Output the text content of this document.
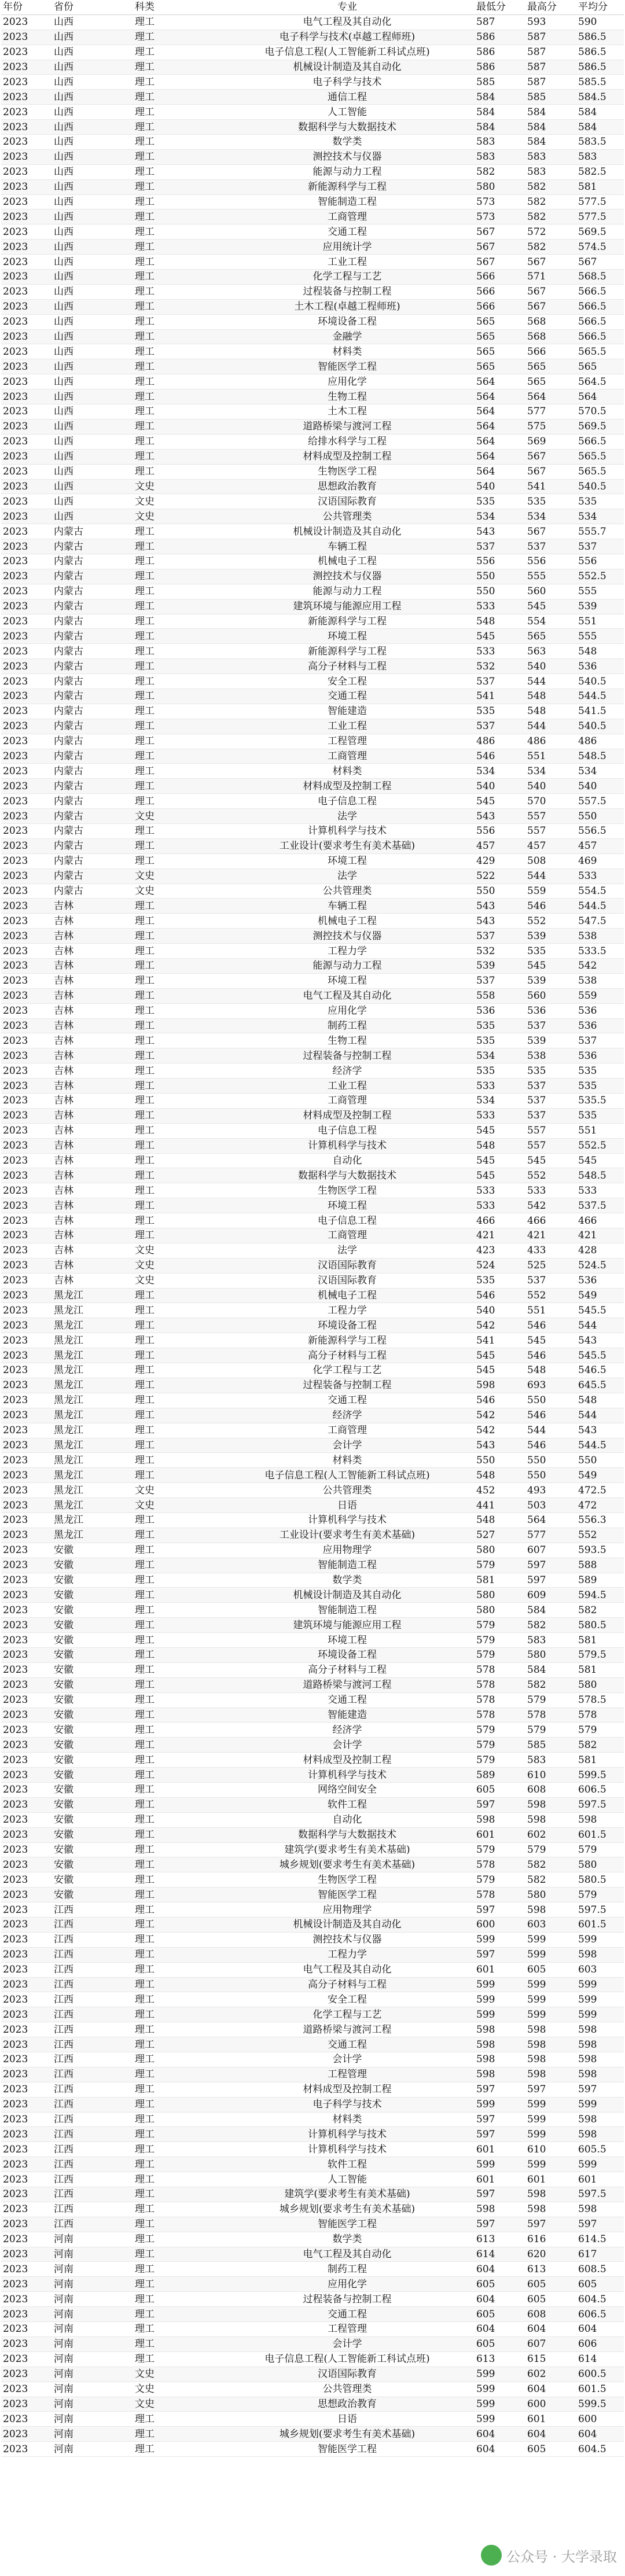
年份	省份	科类	专业	最低分	最高分	平均分
2023	山西	理工	电气工程及其自动化	587	593	590
2023	山西	理工	电子科学与技术(卓越工程师班)	586	587	586.5
2023	山西	理工	电子信息工程(人工智能新工科试点班)	586	587	586.5
2023	山西	理工	机械设计制造及其自动化	586	587	586.5
2023	山西	理工	电子科学与技术	585	587	585.5
2023	山西	理工	通信工程	584	585	584.5
2023	山西	理工	人工智能	584	584	584
2023	山西	理工	数据科学与大数据技术	584	584	584
2023	山西	理工	数学类	583	584	583.5
2023	山西	理工	测控技术与仪器	583	583	583
2023	山西	理工	能源与动力工程	582	583	582.5
2023	山西	理工	新能源科学与工程	580	582	581
2023	山西	理工	智能制造工程	573	582	577.5
2023	山西	理工	工商管理	573	582	577.5
2023	山西	理工	交通工程	567	572	569.5
2023	山西	理工	应用统计学	567	582	574.5
2023	山西	理工	工业工程	567	567	567
2023	山西	理工	化学工程与工艺	566	571	568.5
2023	山西	理工	过程装备与控制工程	566	567	566.5
2023	山西	理工	土木工程(卓越工程师班)	566	567	566.5
2023	山西	理工	环境设备工程	565	568	566.5
2023	山西	理工	金融学	565	568	566.5
2023	山西	理工	材料类	565	566	565.5
2023	山西	理工	智能医学工程	565	565	565
2023	山西	理工	应用化学	564	565	564.5
2023	山西	理工	生物工程	564	564	564
2023	山西	理工	土木工程	564	577	570.5
2023	山西	理工	道路桥梁与渡河工程	564	575	569.5
2023	山西	理工	给排水科学与工程	564	569	566.5
2023	山西	理工	材料成型及控制工程	564	567	565.5
2023	山西	理工	生物医学工程	564	567	565.5
2023	山西	文史	思想政治教育	540	541	540.5
2023	山西	文史	汉语国际教育	535	535	535
2023	山西	文史	公共管理类	534	534	534
2023	内蒙古	理工	机械设计制造及其自动化	543	567	555.7
2023	内蒙古	理工	车辆工程	537	537	537
2023	内蒙古	理工	机械电子工程	556	556	556
2023	内蒙古	理工	测控技术与仪器	550	555	552.5
2023	内蒙古	理工	能源与动力工程	550	560	555
2023	内蒙古	理工	建筑环境与能源应用工程	533	545	539
2023	内蒙古	理工	新能源科学与工程	548	554	551
2023	内蒙古	理工	环境工程	545	565	555
2023	内蒙古	理工	新能源科学与工程	533	563	548
2023	内蒙古	理工	高分子材料与工程	532	540	536
2023	内蒙古	理工	安全工程	537	544	540.5
2023	内蒙古	理工	交通工程	541	548	544.5
2023	内蒙古	理工	智能建造	535	548	541.5
2023	内蒙古	理工	工业工程	537	544	540.5
2023	内蒙古	理工	工程管理	486	486	486
2023	内蒙古	理工	工商管理	546	551	548.5
2023	内蒙古	理工	材料类	534	534	534
2023	内蒙古	理工	材料成型及控制工程	540	540	540
2023	内蒙古	理工	电子信息工程	545	570	557.5
2023	内蒙古	文史	法学	543	557	550
2023	内蒙古	理工	计算机科学与技术	556	557	556.5
2023	内蒙古	理工	工业设计(要求考生有美术基础)	457	457	457
2023	内蒙古	理工	环境工程	429	508	469
2023	内蒙古	文史	法学	522	544	533
2023	内蒙古	文史	公共管理类	550	559	554.5
2023	吉林	理工	车辆工程	543	546	544.5
2023	吉林	理工	机械电子工程	543	552	547.5
2023	吉林	理工	测控技术与仪器	537	539	538
2023	吉林	理工	工程力学	532	535	533.5
2023	吉林	理工	能源与动力工程	539	545	542
2023	吉林	理工	环境工程	537	539	538
2023	吉林	理工	电气工程及其自动化	558	560	559
2023	吉林	理工	应用化学	536	536	536
2023	吉林	理工	制药工程	535	537	536
2023	吉林	理工	生物工程	535	539	537
2023	吉林	理工	过程装备与控制工程	534	538	536
2023	吉林	理工	经济学	535	535	535
2023	吉林	理工	工业工程	533	537	535
2023	吉林	理工	工商管理	534	537	535.5
2023	吉林	理工	材料成型及控制工程	533	537	535
2023	吉林	理工	电子信息工程	545	557	551
2023	吉林	理工	计算机科学与技术	548	557	552.5
2023	吉林	理工	自动化	545	545	545
2023	吉林	理工	数据科学与大数据技术	545	552	548.5
2023	吉林	理工	生物医学工程	533	533	533
2023	吉林	理工	环境工程	533	542	537.5
2023	吉林	理工	电子信息工程	466	466	466
2023	吉林	理工	工商管理	421	421	421
2023	吉林	文史	法学	423	433	428
2023	吉林	文史	汉语国际教育	524	525	524.5
2023	吉林	文史	汉语国际教育	535	537	536
2023	黑龙江	理工	机械电子工程	546	552	549
2023	黑龙江	理工	工程力学	540	551	545.5
2023	黑龙江	理工	环境设备工程	542	546	544
2023	黑龙江	理工	新能源科学与工程	541	545	543
2023	黑龙江	理工	高分子材料与工程	545	546	545.5
2023	黑龙江	理工	化学工程与工艺	545	548	546.5
2023	黑龙江	理工	过程装备与控制工程	598	693	645.5
2023	黑龙江	理工	交通工程	546	550	548
2023	黑龙江	理工	经济学	542	546	544
2023	黑龙江	理工	工商管理	542	544	543
2023	黑龙江	理工	会计学	543	546	544.5
2023	黑龙江	理工	材料类	550	550	550
2023	黑龙江	理工	电子信息工程(人工智能新工科试点班)	548	550	549
2023	黑龙江	文史	公共管理类	452	493	472.5
2023	黑龙江	文史	日语	441	503	472
2023	黑龙江	理工	计算机科学与技术	548	564	556.3
2023	黑龙江	理工	工业设计(要求考生有美术基础)	527	577	552
2023	安徽	理工	应用物理学	580	607	593.5
2023	安徽	理工	智能制造工程	579	597	588
2023	安徽	理工	数学类	581	597	589
2023	安徽	理工	机械设计制造及其自动化	580	609	594.5
2023	安徽	理工	智能制造工程	580	584	582
2023	安徽	理工	建筑环境与能源应用工程	579	582	580.5
2023	安徽	理工	环境工程	579	583	581
2023	安徽	理工	环境设备工程	579	580	579.5
2023	安徽	理工	高分子材料与工程	578	584	581
2023	安徽	理工	道路桥梁与渡河工程	578	582	580
2023	安徽	理工	交通工程	578	579	578.5
2023	安徽	理工	智能建造	578	578	578
2023	安徽	理工	经济学	579	579	579
2023	安徽	理工	会计学	579	585	582
2023	安徽	理工	材料成型及控制工程	579	583	581
2023	安徽	理工	计算机科学与技术	589	610	599.5
2023	安徽	理工	网络空间安全	605	608	606.5
2023	安徽	理工	软件工程	597	598	597.5
2023	安徽	理工	自动化	598	598	598
2023	安徽	理工	数据科学与大数据技术	601	602	601.5
2023	安徽	理工	建筑学(要求考生有美术基础)	579	579	579
2023	安徽	理工	城乡规划(要求考生有美术基础)	578	582	580
2023	安徽	理工	生物医学工程	579	582	580.5
2023	安徽	理工	智能医学工程	578	580	579
2023	江西	理工	应用物理学	597	598	597.5
2023	江西	理工	机械设计制造及其自动化	600	603	601.5
2023	江西	理工	测控技术与仪器	599	599	599
2023	江西	理工	工程力学	597	599	598
2023	江西	理工	电气工程及其自动化	601	605	603
2023	江西	理工	高分子材料与工程	599	599	599
2023	江西	理工	安全工程	599	599	599
2023	江西	理工	化学工程与工艺	599	599	599
2023	江西	理工	道路桥梁与渡河工程	598	598	598
2023	江西	理工	交通工程	598	598	598
2023	江西	理工	会计学	598	598	598
2023	江西	理工	工程管理	598	598	598
2023	江西	理工	材料成型及控制工程	597	597	597
2023	江西	理工	电子科学与技术	599	599	599
2023	江西	理工	材料类	597	599	598
2023	江西	理工	计算机科学与技术	597	599	598
2023	江西	理工	计算机科学与技术	601	610	605.5
2023	江西	理工	软件工程	599	599	599
2023	江西	理工	人工智能	601	601	601
2023	江西	理工	建筑学(要求考生有美术基础)	597	598	597.5
2023	江西	理工	城乡规划(要求考生有美术基础)	598	598	598
2023	江西	理工	智能医学工程	597	597	597
2023	河南	理工	数学类	613	616	614.5
2023	河南	理工	电气工程及其自动化	614	620	617
2023	河南	理工	制药工程	604	613	608.5
2023	河南	理工	应用化学	605	605	605
2023	河南	理工	过程装备与控制工程	604	605	604.5
2023	河南	理工	交通工程	605	608	606.5
2023	河南	理工	工程管理	604	604	604
2023	河南	理工	会计学	605	607	606
2023	河南	理工	电子信息工程(人工智能新工科试点班)	613	615	614
2023	河南	文史	汉语国际教育	599	602	600.5
2023	河南	文史	公共管理类	599	604	601.5
2023	河南	文史	思想政治教育	599	600	599.5
2023	河南	理工	日语	599	601	600
2023	河南	理工	城乡规划(要求考生有美术基础)	604	604	604
2023	河南	理工	智能医学工程	604	605	604.5
公众号 · 大学录取
